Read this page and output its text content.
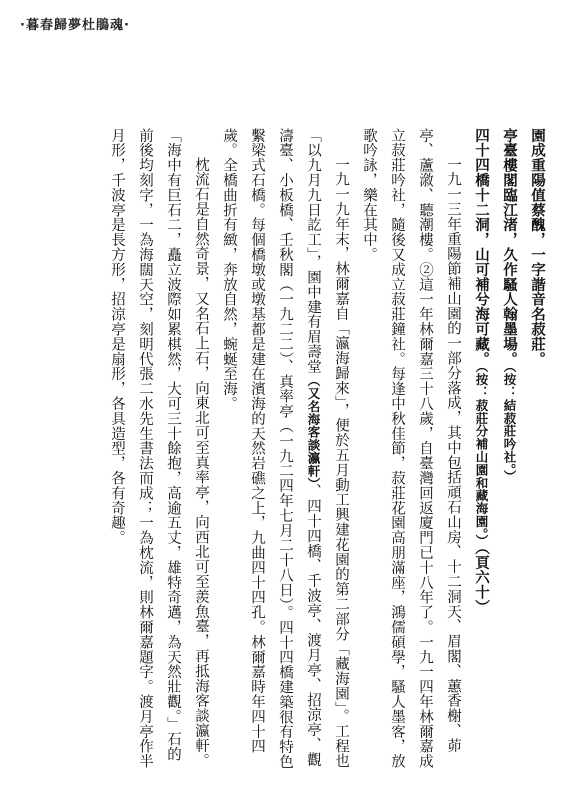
·暮春歸夢杜鵑魂·

園成重陽值蔡醜，一字諧音名菽莊。

亭臺樓閣臨江渚，久作騷人翰墨場。（按：結菽莊吟社。）

四十四橋十二洞，山可補兮海可藏。（按：菽莊分補山園和藏海園。）（頁六十）

一九一三年重陽節補山園的一部分落成，其中包括頑石山房、十二洞天、眉閣、蕙香榭、茆亭、蘆漵、聽潮樓。②這一年林爾嘉三十八歲，自臺灣回返廈門已十八年了。一九一四年林爾嘉成立菽莊吟社，隨後又成立菽莊鐘社。每逢中秋佳節，菽莊花園高朋滿座，鴻儒碩學，騷人墨客，放歌吟詠，樂在其中。

一九一九年末，林爾嘉自「瀛海歸來」，便於五月動工興建花園的第二部分「藏海園」。工程也「以九月九日訖工」，園中建有眉壽堂（又名海客談瀛軒）、四十四橋、千波亭、渡月亭、招涼亭、觀濤臺、小板橋、壬秋閣（一九二二）、真率亭（一九二四年七月二十八日）。四十四橋建築很有特色繫梁式石橋。每個橋墩或墩基都是建在濱海的天然岩礁之上，九曲四十四孔。林爾嘉時年四十四歲。全橋曲折有緻，奔放自然，蜿蜒至海。

枕流石是自然奇景，又名石上石，向東北可至真率亭，向西北可至羨魚臺，再抵海客談瀛軒。「海中有巨石二，矗立波際如累棋然，大可三十餘抱，高逾五丈，雄特奇邁，為天然壯觀。」石的前後均刻字，一為海闊天空，刻明代張二水先生書法而成；一為枕流，則林爾嘉題字。渡月亭作半月形，千波亭是長方形，招涼亭是扇形，各具造型，各有奇趣。
